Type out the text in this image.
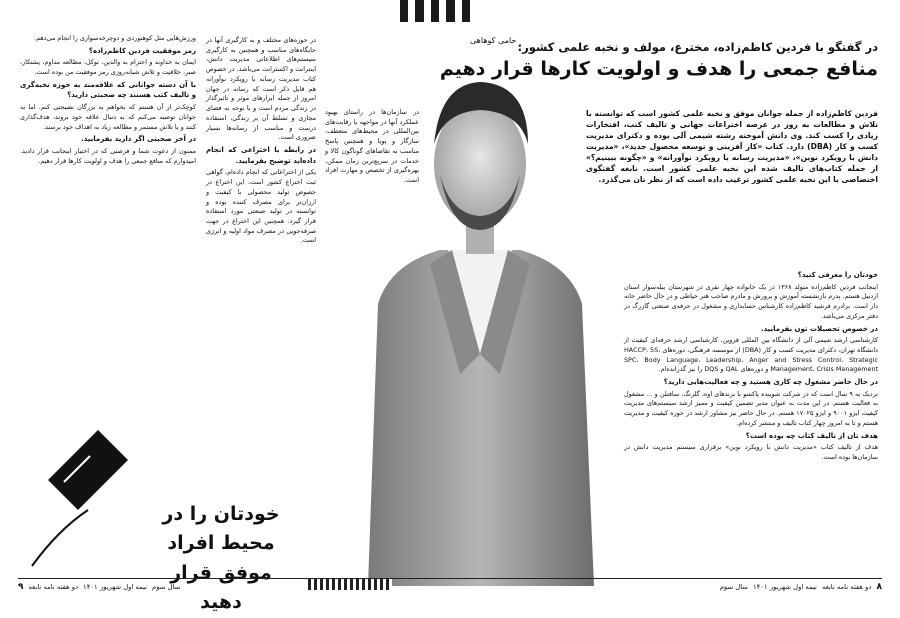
در گفتگو با فردین کاظم‌زاده، مخترع، مولف و نخبه علمی کشور:
منافع جمعی را هدف و اولویت کارها قرار دهیم
حامی کوهاهی
فردین کاظم‌زاده از جمله جوانان موفق و نخبه علمی کشور است که توانسته با تلاش و مطالعات به روز در عرصه اختراعات جهانی و تالیف کتب، افتخارات زیادی را کسب کند. وی دانش آموخته رشته شیمی آلی بوده و دکترای مدیریت کسب و کار (DBA) دارد. کتاب «کار آفرینی و توسعه محصول جدید»، «مدیریت دانش با رویکرد نوین»، «مدیریت رسانه با رویکرد نوآورانه» و «چگونه ببینیم؟» از جمله کتاب‌های تالیف شده این نخبه علمی کشور است. نابغه گفتگوی اختصاصی با این نخبه علمی کشور ترغیب داده است که از نظر تان می‌گذرد.

خودتان را معرفی کنید؟

اینجانب فردین کاظم‌زاده متولد ۱۳۶۸ در یک خانواده چهار نفری در شهرستان بیله‌سوار استان اردبیل هستم. پدرم بازنشسته آموزش و پرورش و مادرم صاحب هنر خیاطی و در حال حاضر خانه دار است. برادرم فرشید کاظم‌زاده کارشناس حسابداری و مشغول در حرفه‌ی صنعتی گازرگ در دفتر مرکزی می‌باشد.

در خصوص تحصیلات تون بفرمایید.

کارشناسی ارشد شیمی آلی از دانشگاه بین المللی قزوین، کارشناسی ارشد حرفه‌ای کیفیت از دانشگاه تهران، دکترای مدیریت کسب و کار (DBA) از موسسه فرهنگی، دوره‌های HACCP، 5S، SPC، Body Language، Leadership، Anger and Stress Control، Strategic Management، Crisis Management و دوره‌های QAL و DQS را نیز گذرانده‌ام.

در حال حاضر مشغول چه کاری هستید و چه فعالیت‌هایی دارید؟

نزدیک به ۹ سال است که در شرکت شوینده پاکشو با برندهای اوه، گلرنگ، سافتلن و ... مشغول به فعالیت هستم. در این مدت به عنوان مدیر تضمین کیفیت و ممیز ارشد سیستم‌های مدیریت کیفیت ایزو ۹۰۰۱ و ایزو ۱۷۰۲۵ هستم. در حال حاضر نیز مشاور ارشد در حوزه کیفیت و مدیریت هستم و تا به امروز چهار کتاب تالیف و منتشر کرده‌ام.

هدف تان از تالیف کتاب چه بوده است؟

هدف از تالیف کتاب «مدیریت دانش با رویکرد نوین» برقراری سیستم مدیریت دانش در سازمان‌ها بوده است.

در سازمان‌ها در راستای بهبود عملکرد آنها در مواجهه با رقابت‌های بین‌المللی در محیط‌های متعطف، سازگار و پویا و همچنین پاسخ مناسب به تقاضاهای گوناگون کالا و خدمات در سریع‌ترین زمان ممکن، بهره‌گیری از تخصص و مهارت افراد است.

در حوزه‌های مختلف و به کارگیری آنها در جایگاه‌های مناسب و همچنین به کارگیری سیستم‌های اطلاعاتی مدیریت دانش، اینترانت و اکسترانت می‌باشد. در خصوص کتاب مدیریت رسانه با رویکرد نوآورانه هم قابل ذکر است که رسانه در جهان امروز از جمله ابزارهای موثر و تاثیرگذار در زندگی مردم است و با توجه به فضای مجازی و تسلط آن بر زندگی، استفاده درست و مناسب از رسانه‌ها بسیار ضروری است.

در رابطه با اختراعی که انجام داده‌اید توضیح بفرمایید.

یکی از اختراعاتی که انجام داده‌ام، گواهی ثبت اختراع کشور است. این اختراع در خصوص تولید محصولی با کیفیت و ارزان‌تر برای مصرف کننده بوده و توانسته در تولید صنعتی مورد استفاده قرار گیرد. همچنین این اختراع در جهت صرفه‌جویی در مصرف مواد اولیه و انرژی است.

ورزش‌هایی مثل کوهنوردی و دوچرخه‌سواری را انجام می‌دهم.

رمز موفقیت فردین کاظم‌زاده؟

ایمان به خداوند و احترام به والدین، توکل، مطالعه مداوم، پشتکار، صبر، خلاقیت و تلاش شبانه‌روزی رمز موفقیت من بوده است.

با آن دسته جوانانی که علاقه‌مند به حوزه نخبه‌گری و تالیف کتب هستند چه صحبتی دارید؟

کوچک‌تر از آن هستم که بخواهم به بزرگان نصیحتی کنم. اما به جوانان توصیه می‌کنم که به دنبال علاقه خود بروند، هدف‌گذاری کنند و با تلاش مستمر و مطالعه زیاد به اهداف خود برسند.

در آخر صحبتی اگر دارید بفرمایید.

ممنون از دعوت شما و فرصتی که در اختیار اینجانب قرار دادید. امیدوارم که منافع جمعی را هدف و اولویت کارها قرار دهیم.

خودتان را در محیط افراد موفق قرار دهید
۸
دو هفته نامه نابغه
نیمه اول شهریور ۱۴۰۱
سال سوم
سال سوم
نیمه اول شهریور ۱۴۰۱
دو هفته نامه نابغه
۹
